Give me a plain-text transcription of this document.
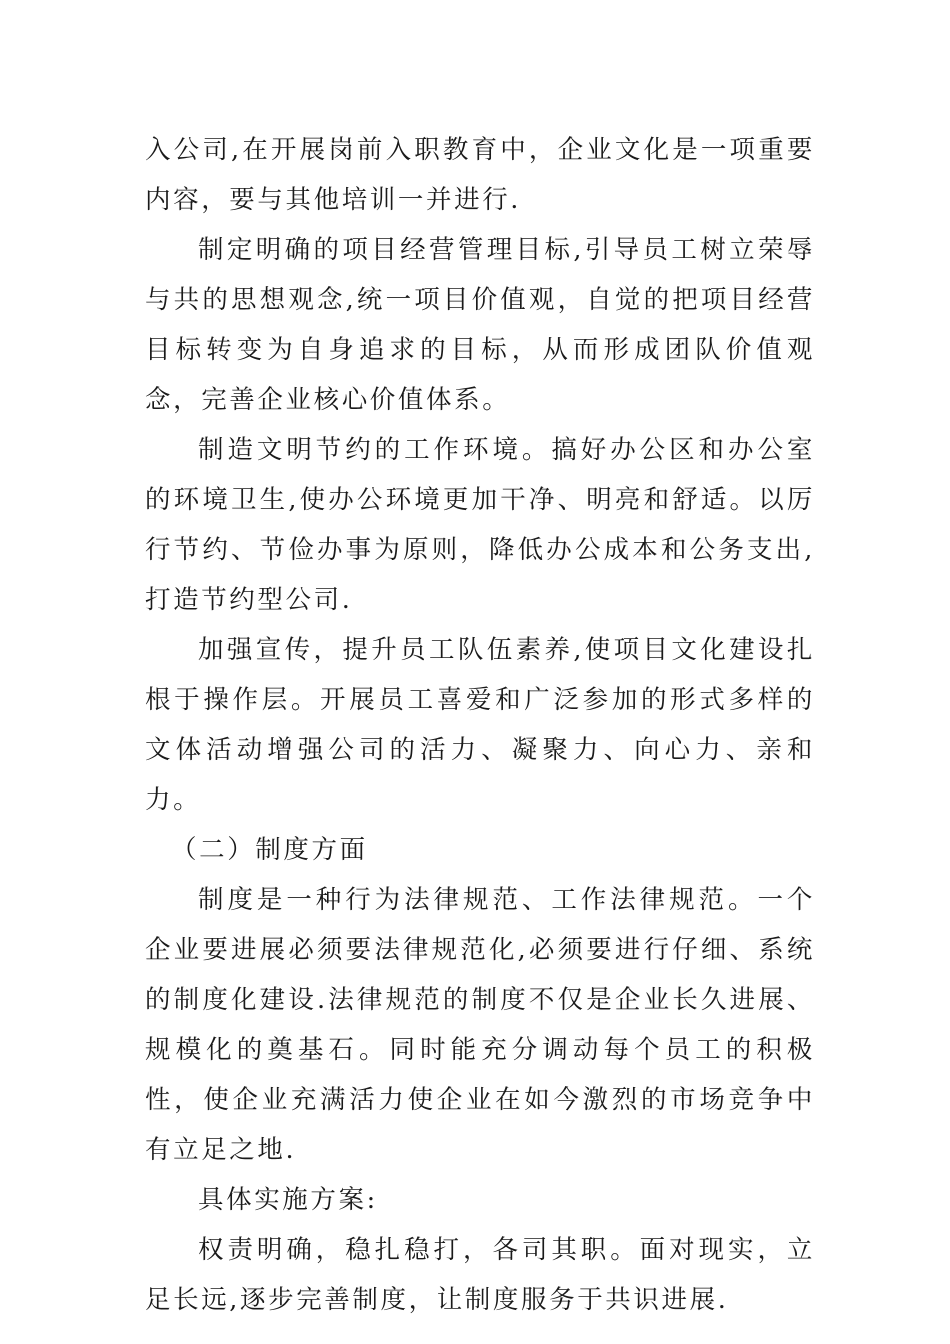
入公司,在开展岗前入职教育中，企业文化是一项重要内容，要与其他培训一并进行.

制定明确的项目经营管理目标,引导员工树立荣辱与共的思想观念,统一项目价值观，自觉的把项目经营目标转变为自身追求的目标，从而形成团队价值观念，完善企业核心价值体系。

制造文明节约的工作环境。搞好办公区和办公室的环境卫生,使办公环境更加干净、明亮和舒适。以厉行节约、节俭办事为原则，降低办公成本和公务支出,打造节约型公司.

加强宣传，提升员工队伍素养,使项目文化建设扎根于操作层。开展员工喜爱和广泛参加的形式多样的文体活动增强公司的活力、凝聚力、向心力、亲和力。

（二）制度方面

制度是一种行为法律规范、工作法律规范。一个企业要进展必须要法律规范化,必须要进行仔细、系统的制度化建设.法律规范的制度不仅是企业长久进展、规模化的奠基石。同时能充分调动每个员工的积极性，使企业充满活力使企业在如今激烈的市场竞争中有立足之地.

具体实施方案:

权责明确，稳扎稳打，各司其职。面对现实，立足长远,逐步完善制度，让制度服务于共识进展.
